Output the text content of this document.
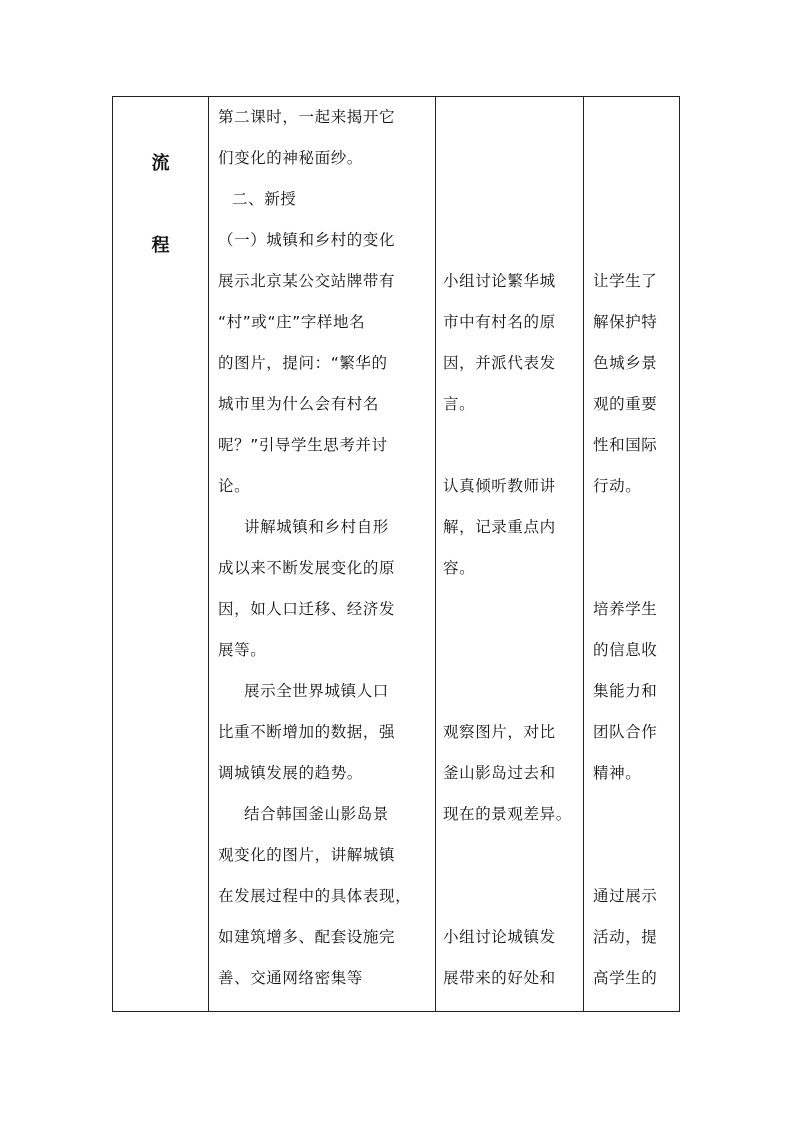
流
程
第二课时，一起来揭开它
们变化的神秘面纱。
二、新授
（一）城镇和乡村的变化
展示北京某公交站牌带有
“村”或“庄”字样地名
的图片，提问：“繁华的
城市里为什么会有村名
呢？”引导学生思考并讨
论。
讲解城镇和乡村自形
成以来不断发展变化的原
因，如人口迁移、经济发
展等。
展示全世界城镇人口
比重不断增加的数据，强
调城镇发展的趋势。
结合韩国釜山影岛景
观变化的图片，讲解城镇
在发展过程中的具体表现，
如建筑增多、配套设施完
善、交通网络密集等
小组讨论繁华城
市中有村名的原
因，并派代表发
言。
认真倾听教师讲
解，记录重点内
容。
观察图片，对比
釜山影岛过去和
现在的景观差异。
小组讨论城镇发
展带来的好处和
让学生了
解保护特
色城乡景
观的重要
性和国际
行动。
培养学生
的信息收
集能力和
团队合作
精神。
通过展示
活动，提
高学生的
